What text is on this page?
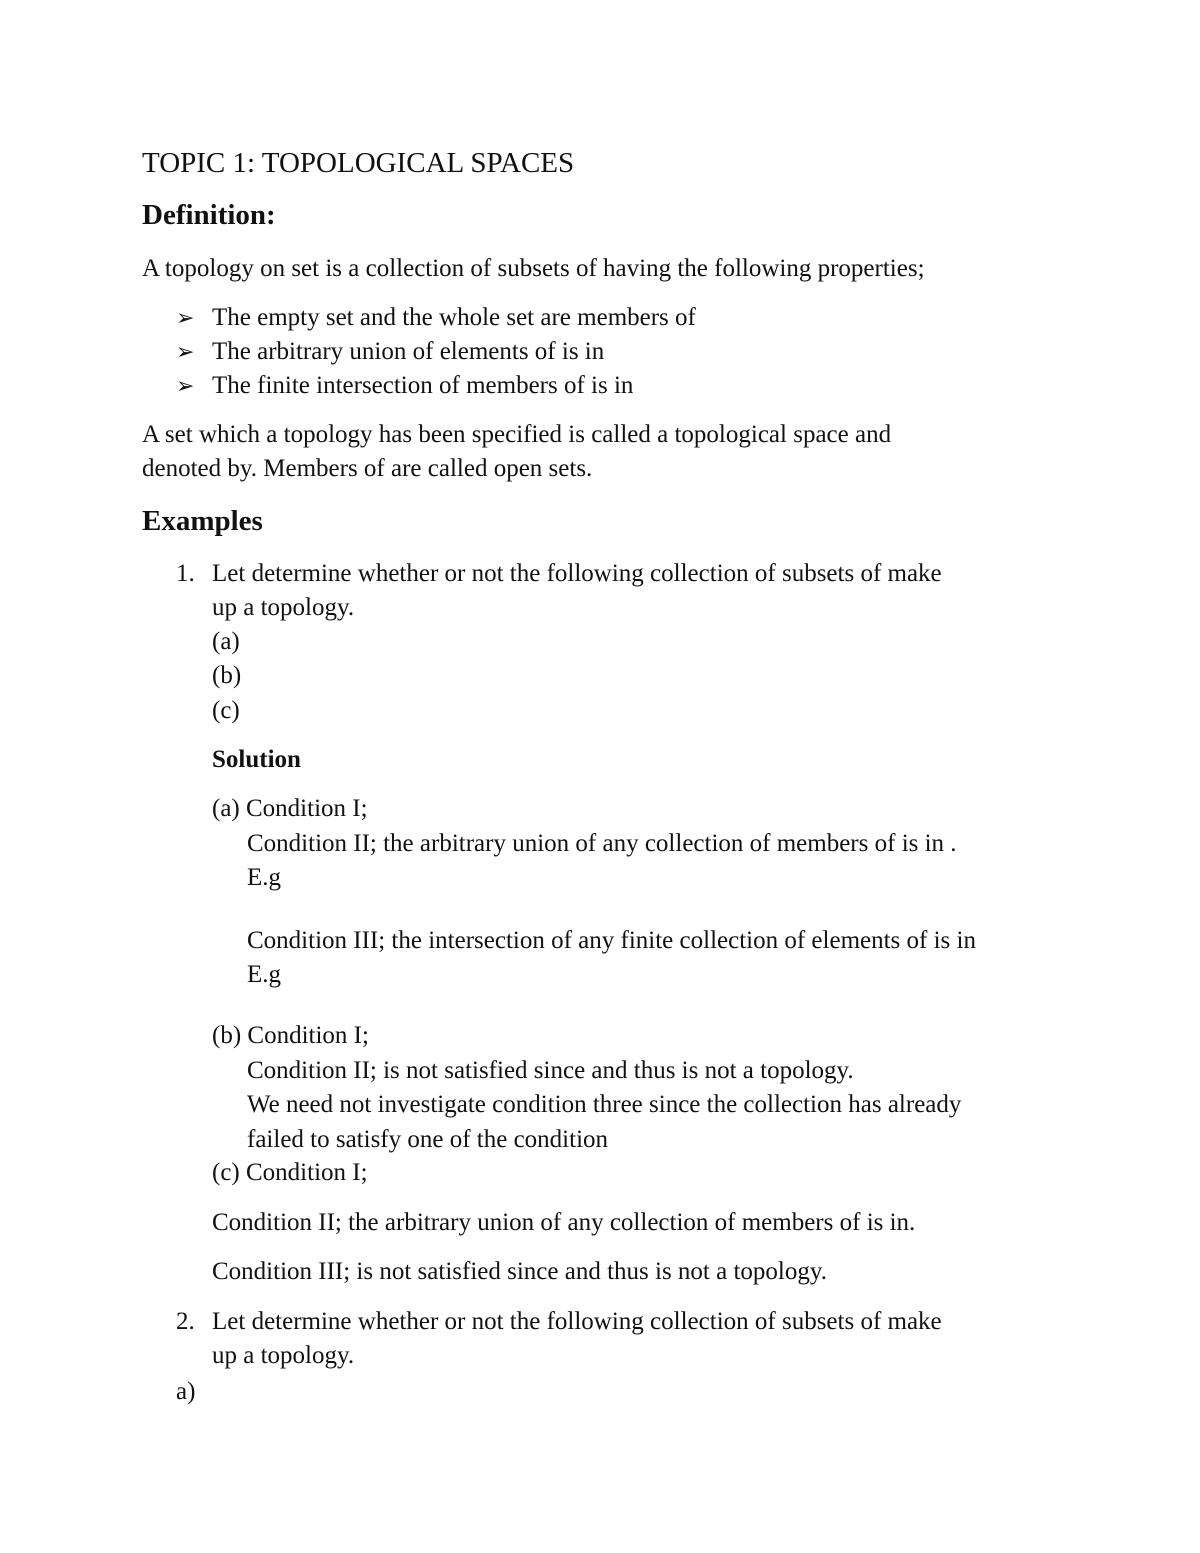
TOPIC 1: TOPOLOGICAL SPACES
Definition:
A topology on set is a collection of subsets of having the following properties;
➢ The empty set and the whole set are members of
➢ The arbitrary union of elements of is in
➢ The finite intersection of members of is in
A set which a topology has been specified is called a topological space and
denoted by. Members of are called open sets.
Examples
1. Let determine whether or not the following collection of subsets of make
up a topology.
(a)
(b)
(c)
Solution
(a) Condition I;
Condition II; the arbitrary union of any collection of members of is in .
E.g
Condition III; the intersection of any finite collection of elements of is in
E.g
(b) Condition I;
Condition II; is not satisfied since and thus is not a topology.
We need not investigate condition three since the collection has already
failed to satisfy one of the condition
(c) Condition I;
Condition II; the arbitrary union of any collection of members of is in.
Condition III; is not satisfied since and thus is not a topology.
2. Let determine whether or not the following collection of subsets of make
up a topology.
a)
